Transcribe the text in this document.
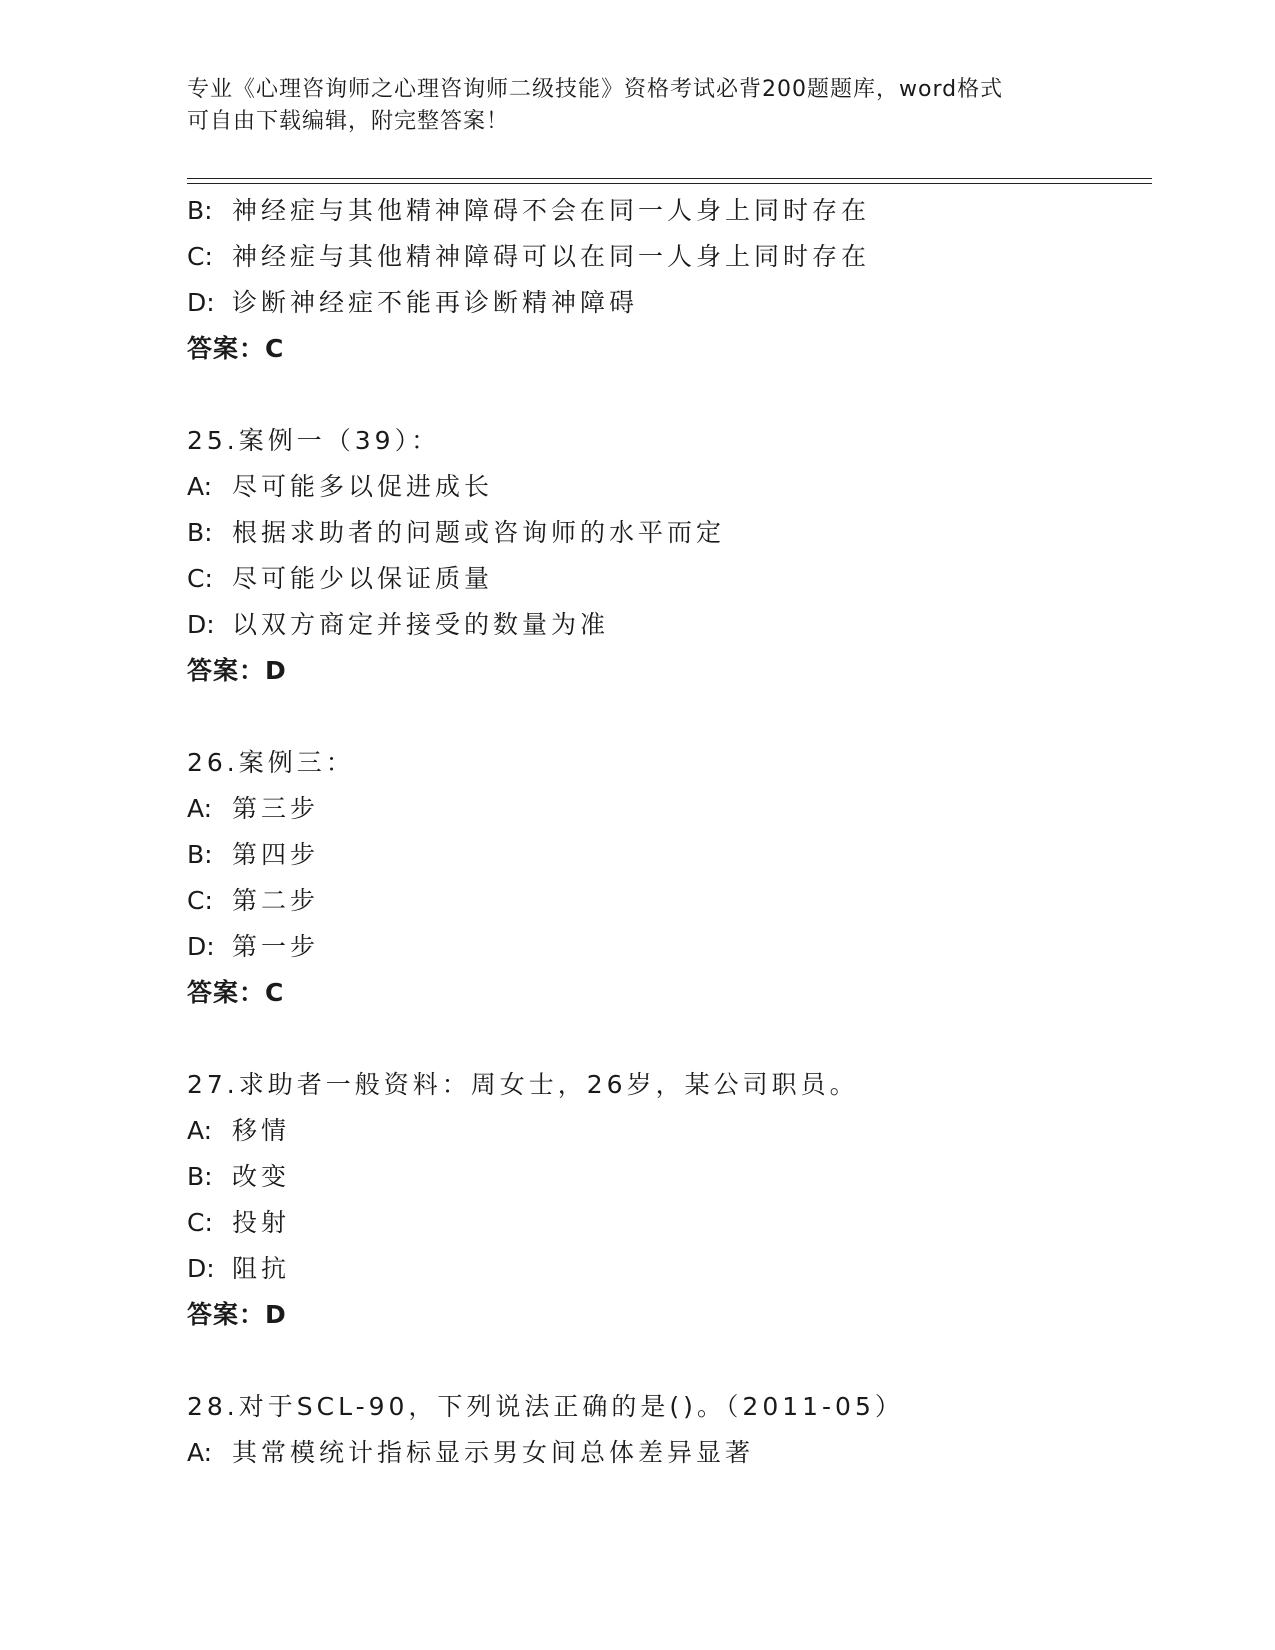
专业《心理咨询师之心理咨询师二级技能》资格考试必背200题题库，word格式
可自由下载编辑，附完整答案！
B: 神经症与其他精神障碍不会在同一人身上同时存在
C: 神经症与其他精神障碍可以在同一人身上同时存在
D: 诊断神经症不能再诊断精神障碍
答案：C
25.案例一（39）：
A: 尽可能多以促进成长
B: 根据求助者的问题或咨询师的水平而定
C: 尽可能少以保证质量
D: 以双方商定并接受的数量为准
答案：D
26.案例三：
A: 第三步
B: 第四步
C: 第二步
D: 第一步
答案：C
27.求助者一般资料：周女士，26岁，某公司职员。
A: 移情
B: 改变
C: 投射
D: 阻抗
答案：D
28.对于SCL-90，下列说法正确的是()。（2011-05）
A: 其常模统计指标显示男女间总体差异显著
